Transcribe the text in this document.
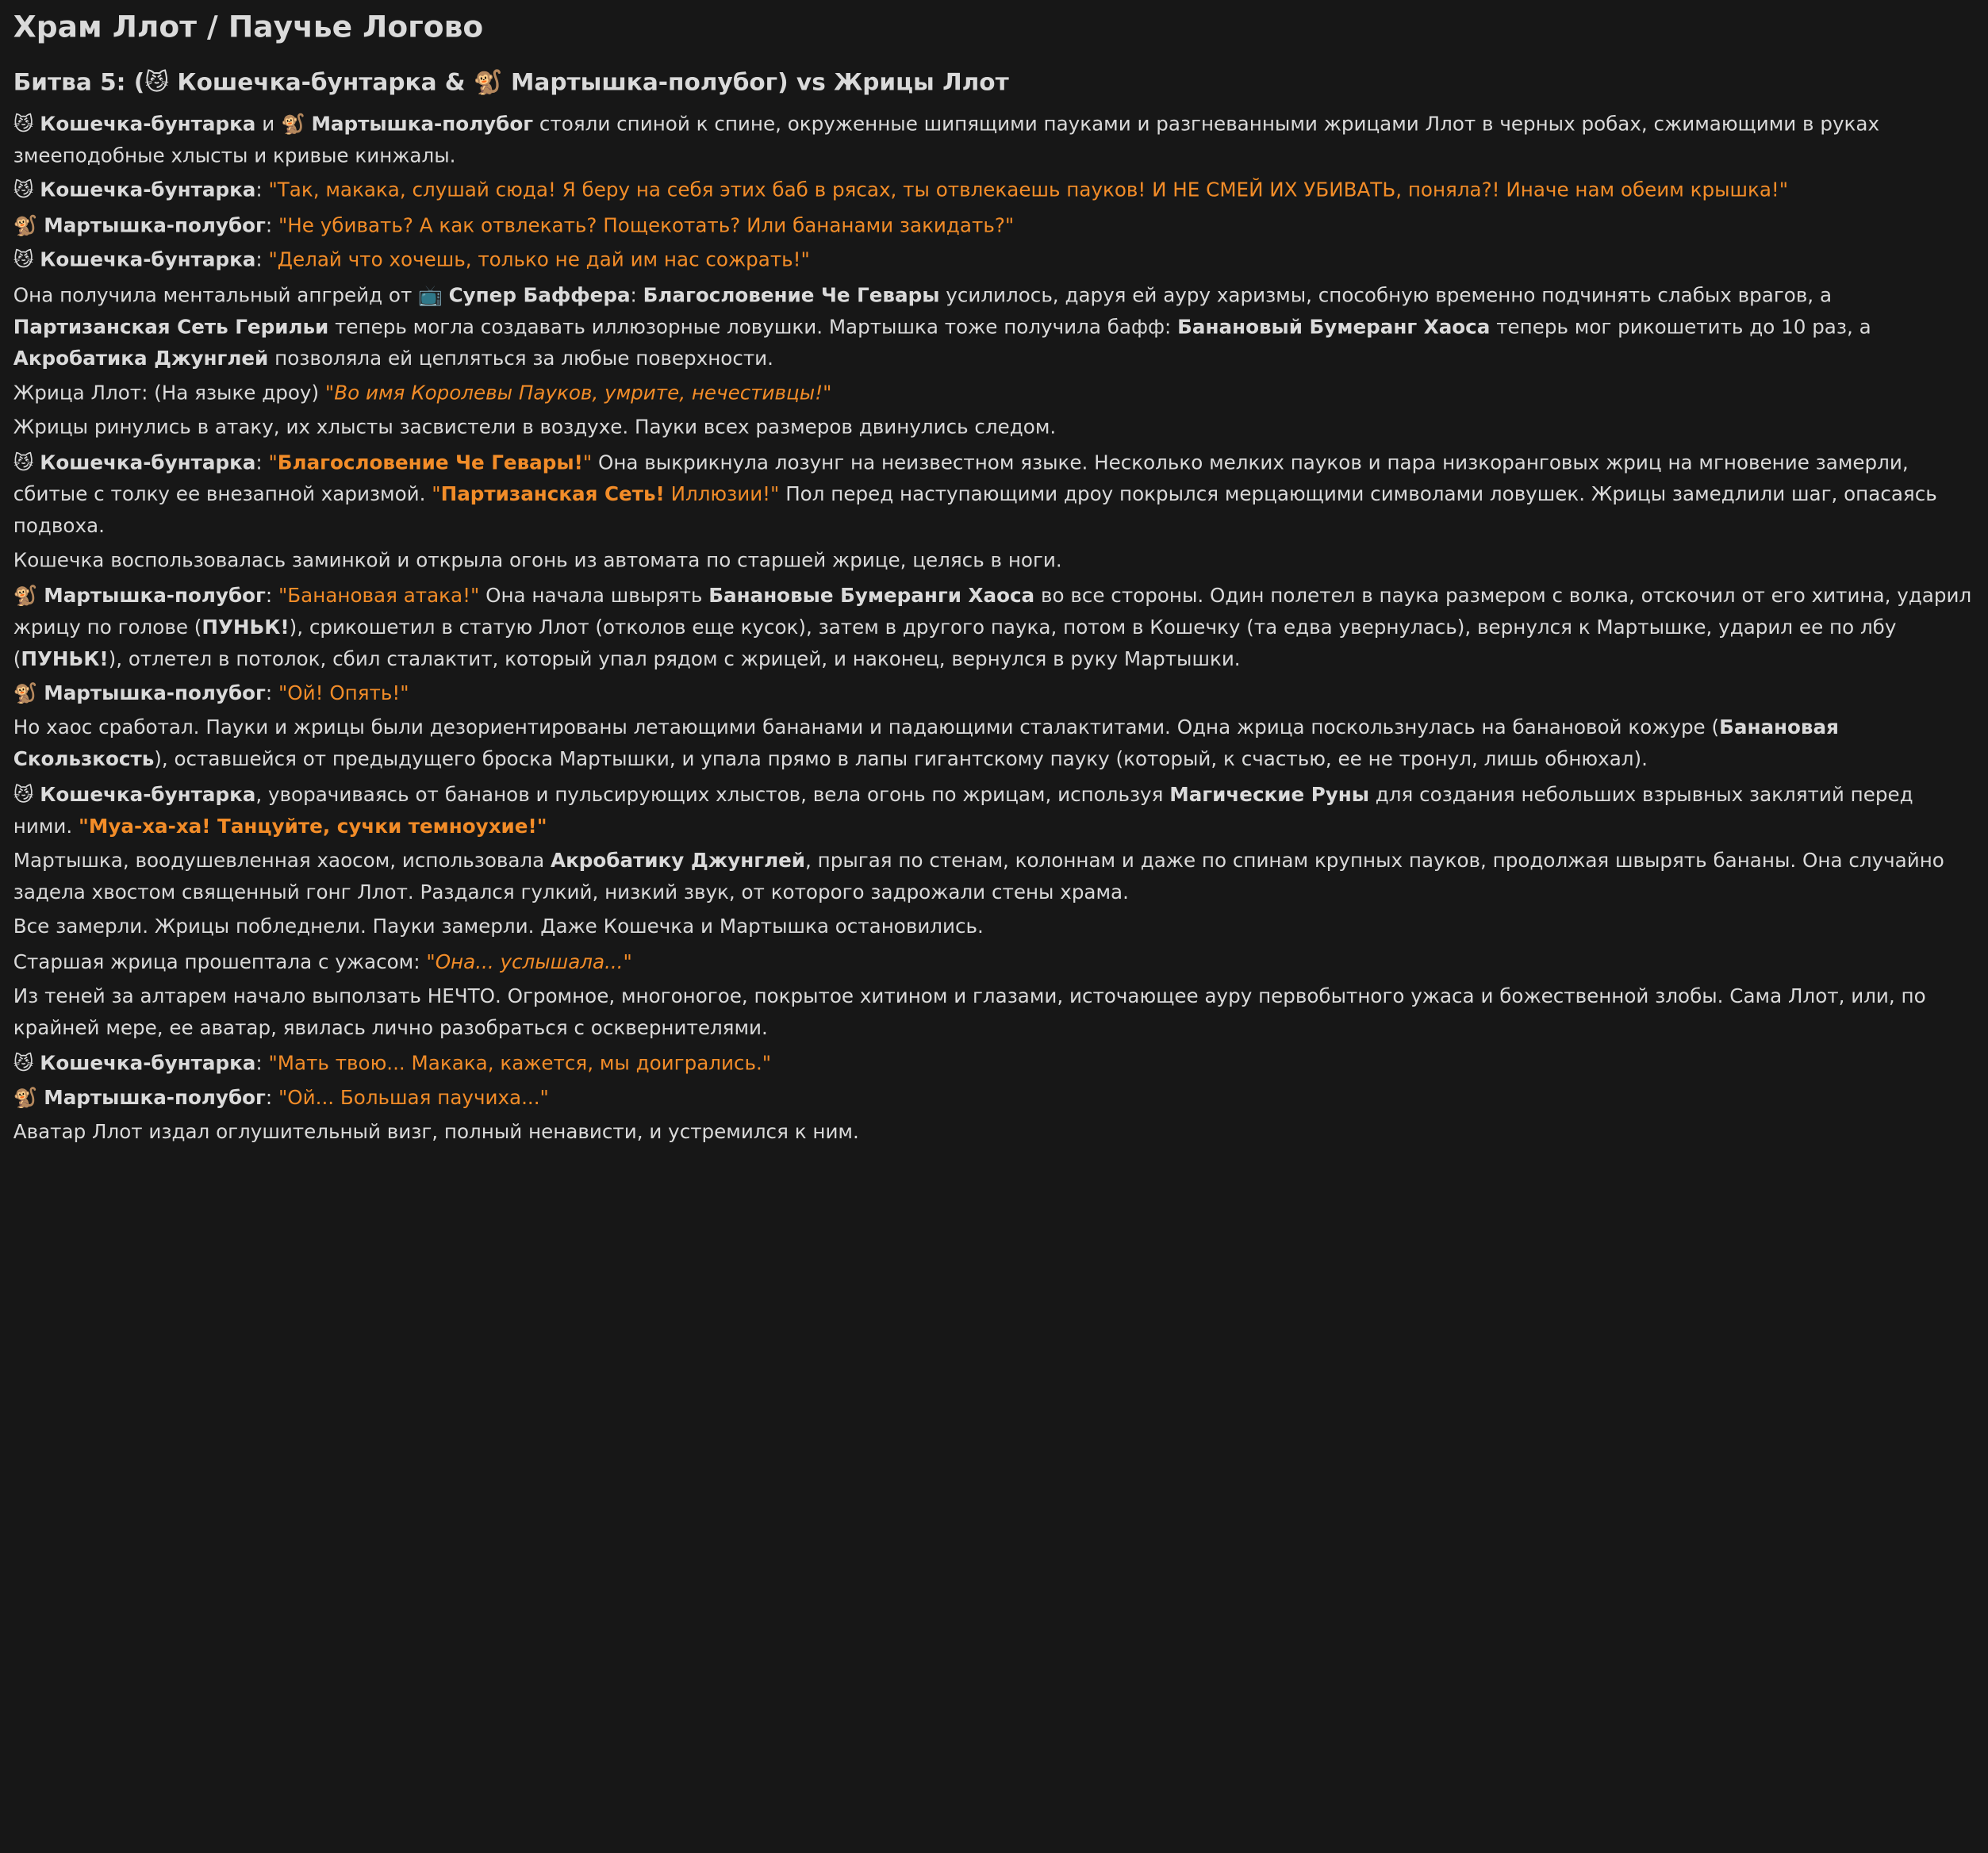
Храм Ллот / Паучье Логово
Битва 5: (😼 Кошечка-бунтарка & 🐒 Мартышка-полубог) vs Жрицы Ллот

😼 Кошечка-бунтарка и 🐒 Мартышка-полубог стояли спиной к спине, окруженные шипящими пауками и разгневанными жрицами Ллот в черных робах, сжимающими в руках змееподобные хлысты и кривые кинжалы.

😼 Кошечка-бунтарка: "Так, макака, слушай сюда! Я беру на себя этих баб в рясах, ты отвлекаешь пауков! И НЕ СМЕЙ ИХ УБИВАТЬ, поняла?! Иначе нам обеим крышка!"

🐒 Мартышка-полубог: "Не убивать? А как отвлекать? Пощекотать? Или бананами закидать?"

😼 Кошечка-бунтарка: "Делай что хочешь, только не дай им нас сожрать!"

Она получила ментальный апгрейд от 📺 Супер Баффера: Благословение Че Гевары усилилось, даруя ей ауру харизмы, способную временно подчинять слабых врагов, а Партизанская Сеть Герильи теперь могла создавать иллюзорные ловушки. Мартышка тоже получила бафф: Банановый Бумеранг Хаоса теперь мог рикошетить до 10 раз, а Акробатика Джунглей позволяла ей цепляться за любые поверхности.

Жрица Ллот: (На языке дроу) "Во имя Королевы Пауков, умрите, нечестивцы!"

Жрицы ринулись в атаку, их хлысты засвистели в воздухе. Пауки всех размеров двинулись следом.

😼 Кошечка-бунтарка: "Благословение Че Гевары!" Она выкрикнула лозунг на неизвестном языке. Несколько мелких пауков и пара низкоранговых жриц на мгновение замерли, сбитые с толку ее внезапной харизмой. "Партизанская Сеть! Иллюзии!" Пол перед наступающими дроу покрылся мерцающими символами ловушек. Жрицы замедлили шаг, опасаясь подвоха.

Кошечка воспользовалась заминкой и открыла огонь из автомата по старшей жрице, целясь в ноги.

🐒 Мартышка-полубог: "Банановая атака!" Она начала швырять Банановые Бумеранги Хаоса во все стороны. Один полетел в паука размером с волка, отскочил от его хитина, ударил жрицу по голове (ПУНЬК!), срикошетил в статую Ллот (отколов еще кусок), затем в другого паука, потом в Кошечку (та едва увернулась), вернулся к Мартышке, ударил ее по лбу (ПУНЬК!), отлетел в потолок, сбил сталактит, который упал рядом с жрицей, и наконец, вернулся в руку Мартышки.

🐒 Мартышка-полубог: "Ой! Опять!"

Но хаос сработал. Пауки и жрицы были дезориентированы летающими бананами и падающими сталактитами. Одна жрица поскользнулась на банановой кожуре (Банановая Скользкость), оставшейся от предыдущего броска Мартышки, и упала прямо в лапы гигантскому пауку (который, к счастью, ее не тронул, лишь обнюхал).

😼 Кошечка-бунтарка, уворачиваясь от бананов и пульсирующих хлыстов, вела огонь по жрицам, используя Магические Руны для создания небольших взрывных заклятий перед ними. "Муа-ха-ха! Танцуйте, сучки темноухие!"

Мартышка, воодушевленная хаосом, использовала Акробатику Джунглей, прыгая по стенам, колоннам и даже по спинам крупных пауков, продолжая швырять бананы. Она случайно задела хвостом священный гонг Ллот. Раздался гулкий, низкий звук, от которого задрожали стены храма.

Все замерли. Жрицы побледнели. Пауки замерли. Даже Кошечка и Мартышка остановились.

Старшая жрица прошептала с ужасом: "Она... услышала..."

Из теней за алтарем начало выползать НЕЧТО. Огромное, многоногое, покрытое хитином и глазами, источающее ауру первобытного ужаса и божественной злобы. Сама Ллот, или, по крайней мере, ее аватар, явилась лично разобраться с осквернителями.

😼 Кошечка-бунтарка: "Мать твою... Макака, кажется, мы доигрались."

🐒 Мартышка-полубог: "Ой... Большая паучиха..."

Аватар Ллот издал оглушительный визг, полный ненависти, и устремился к ним.
